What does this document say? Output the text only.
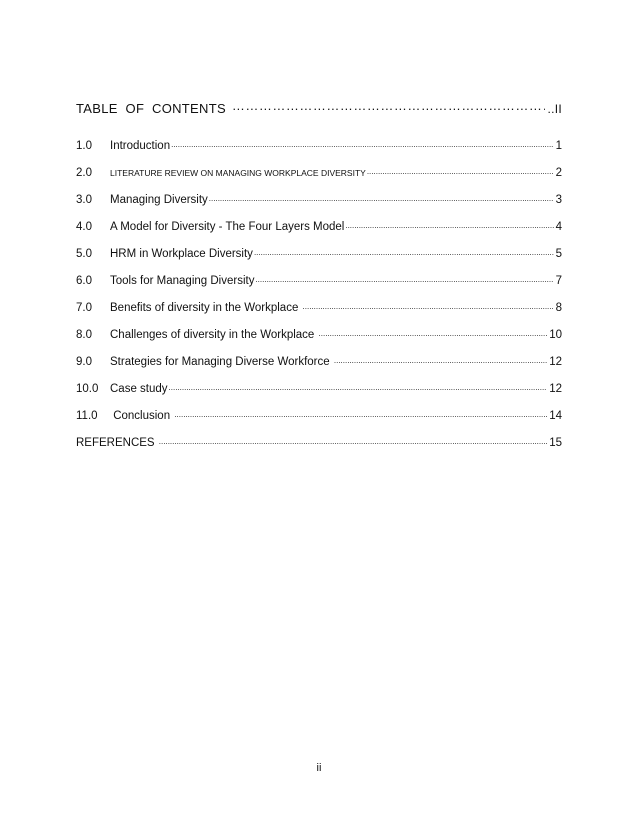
TABLE  OF  CONTENTS …………………………………………………………………………………………………………………………………	..II
1.0	Introduction .....	1
2.0	LITERATURE REVIEW ON MANAGING WORKPLACE DIVERSITY .....	2
3.0	Managing Diversity .....	3
4.0	A Model for Diversity - The Four Layers Model .....	4
5.0	HRM in Workplace Diversity .....	5
6.0	Tools for Managing Diversity .....	7
7.0	Benefits of diversity in the Workplace .....	8
8.0	Challenges of diversity in the Workplace .....	10
9.0	Strategies for Managing Diverse Workforce .....	12
10.0	Case study .....	12
11.0	Conclusion .....	14
REFERENCES .....	15
ii
